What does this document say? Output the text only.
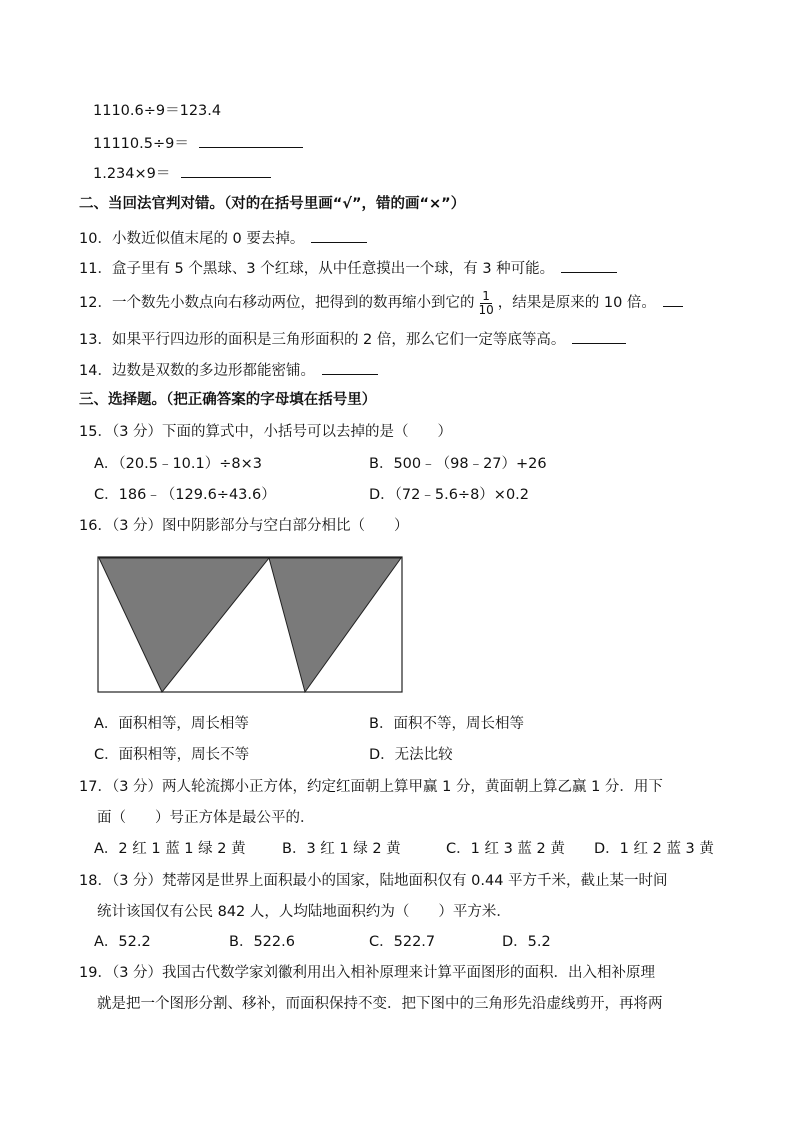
1110.6÷9＝123.4
11110.5÷9＝
1.234×9＝
二、当回法官判对错。（对的在括号里画“√”，错的画“×”）
10．小数近似值末尾的 0 要去掉。
11．盒子里有 5 个黑球、3 个红球，从中任意摸出一个球，有 3 种可能。
12．一个数先小数点向右移动两位，把得到的数再缩小到它的 $\frac{1}{10}$ ，结果是原来的 10 倍。
13．如果平行四边形的面积是三角形面积的 2 倍，那么它们一定等底等高。
14．边数是双数的多边形都能密铺。
三、选择题。（把正确答案的字母填在括号里）
15．（3 分）下面的算式中，小括号可以去掉的是（　　）
A．（20.5﹣10.1）÷8×3	B．500﹣（98﹣27）+26
C．186﹣（129.6÷43.6）	D．（72﹣5.6÷8）×0.2
16．（3 分）图中阴影部分与空白部分相比（　　）
A．面积相等，周长相等	B．面积不等，周长相等
C．面积相等，周长不等	D．无法比较
17．（3 分）两人轮流掷小正方体，约定红面朝上算甲赢 1 分，黄面朝上算乙赢 1 分．用下
面（　　）号正方体是最公平的．
A．2 红 1 蓝 1 绿 2 黄	B．3 红 1 绿 2 黄	C．1 红 3 蓝 2 黄 D．1 红 2 蓝 3 黄
18．（3 分）梵蒂冈是世界上面积最小的国家，陆地面积仅有 0.44 平方千米，截止某一时间
统计该国仅有公民 842 人，人均陆地面积约为（　　）平方米．
A．52.2	B．522.6	C．522.7	D．5.2
19．（3 分）我国古代数学家刘徽利用出入相补原理来计算平面图形的面积．出入相补原理
就是把一个图形分割、移补，而面积保持不变．把下图中的三角形先沿虚线剪开，再将两
